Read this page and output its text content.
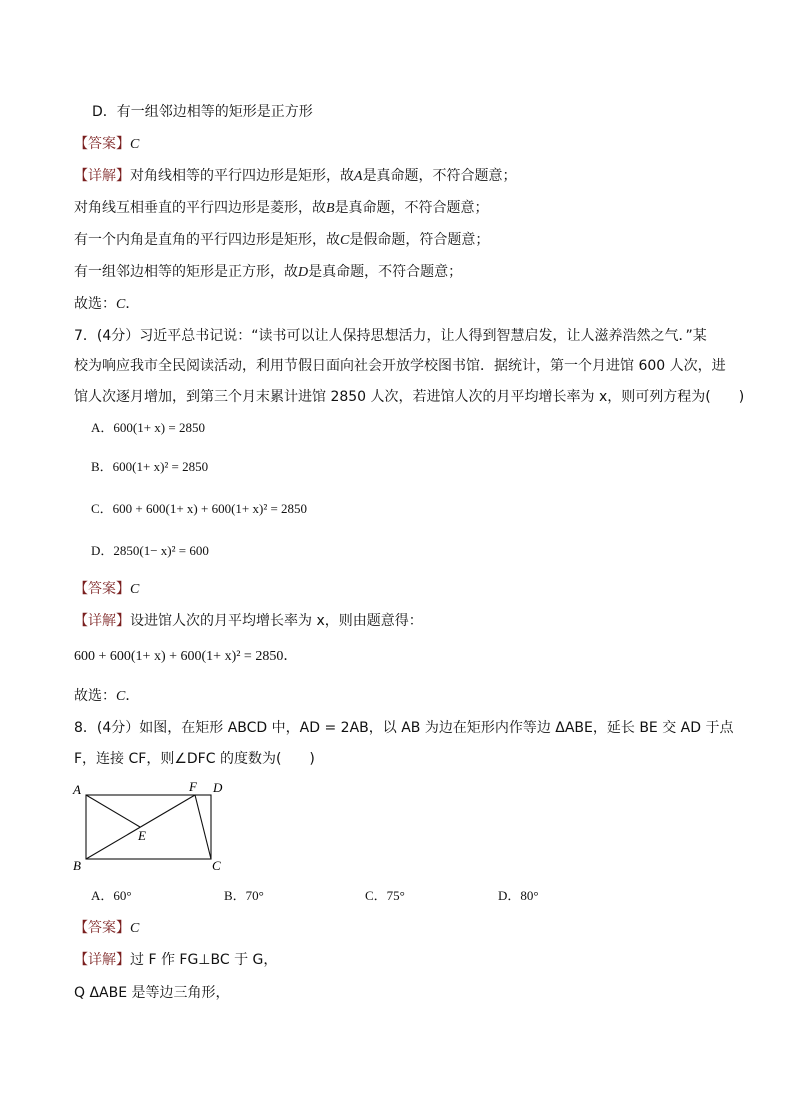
D．有一组邻边相等的矩形是正方形
【答案】C
【详解】对角线相等的平行四边形是矩形，故A是真命题，不符合题意；
对角线互相垂直的平行四边形是菱形，故B是真命题，不符合题意；
有一个内角是直角的平行四边形是矩形，故C是假命题，符合题意；
有一组邻边相等的矩形是正方形，故D是真命题，不符合题意；
故选：C．
7．(4分）习近平总书记说：“读书可以让人保持思想活力，让人得到智慧启发，让人滋养浩然之气．”某
校为响应我市全民阅读活动，利用节假日面向社会开放学校图书馆．据统计，第一个月进馆 600 人次，进
馆人次逐月增加，到第三个月末累计进馆 2850 人次，若进馆人次的月平均增长率为 x，则可列方程为(　　)
A．600(1+ x) = 2850
B．600(1+ x)² = 2850
C．600 + 600(1+ x) + 600(1+ x)² = 2850
D．2850(1− x)² = 600
【答案】C
【详解】设进馆人次的月平均增长率为 x，则由题意得：
600 + 600(1+ x) + 600(1+ x)² = 2850．
故选：C．
8．(4分）如图，在矩形 ABCD 中，AD = 2AB，以 AB 为边在矩形内作等边 ΔABE，延长 BE 交 AD 于点
F，连接 CF，则∠DFC 的度数为(　　)
A
B	C
D
E
F
A．60°	B．70°	C．75°	D．80°
【答案】C
【详解】过 F 作 FG⊥BC 于 G，
Q ΔABE 是等边三角形，
